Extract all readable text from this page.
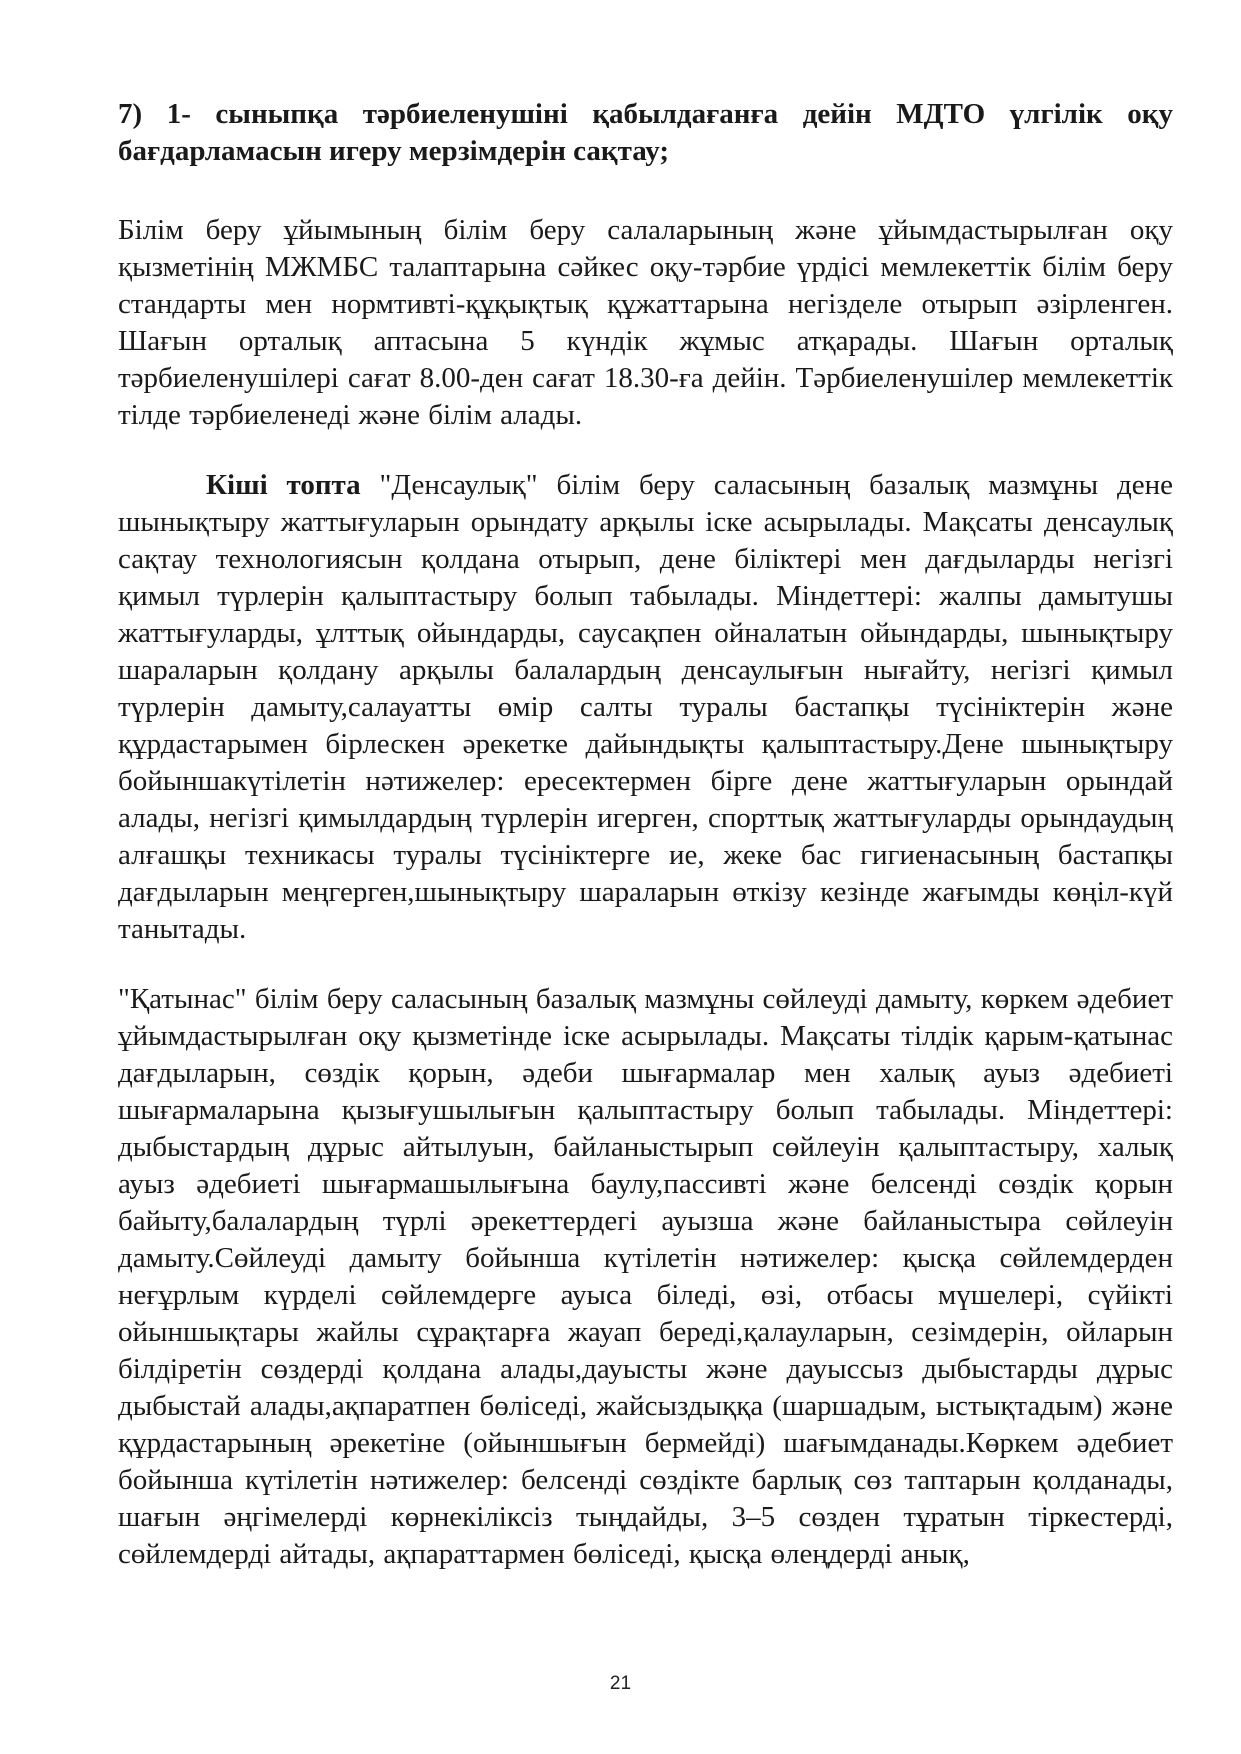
7) 1- сыныпқа тәрбиеленушіні қабылдағанға дейін МДТО үлгілік оқу бағдарламасын игеру мерзімдерін сақтау;

Білім беру ұйымының білім беру салаларының және ұйымдастырылған оқу қызметінің МЖМБС талаптарына сәйкес оқу-тәрбие үрдісі мемлекеттік білім беру стандарты мен нормтивті-құқықтық құжаттарына негізделе отырып әзірленген. Шағын орталық аптасына 5 күндік жұмыс атқарады. Шағын орталық тәрбиеленушілері сағат 8.00-ден сағат 18.30-ға дейін. Тәрбиеленушілер мемлекеттік тілде тәрбиеленеді және білім алады.

Кіші топта "Денсаулық" білім беру саласының базалық мазмұны дене шынықтыру жаттығуларын орындату арқылы іске асырылады. Мақсаты денсаулық сақтау технологиясын қолдана отырып, дене біліктері мен дағдыларды негізгі қимыл түрлерін қалыптастыру болып табылады. Міндеттері: жалпы дамытушы жаттығуларды, ұлттық ойындарды, саусақпен ойналатын ойындарды, шынықтыру шараларын қолдану арқылы балалардың денсаулығын нығайту, негізгі қимыл түрлерін дамыту,салауатты өмір салты туралы бастапқы түсініктерін және құрдастарымен бірлескен әрекетке дайындықты қалыптастыру.Дене шынықтыру бойыншакүтілетін нәтижелер: ересектермен бірге дене жаттығуларын орындай алады, негізгі қимылдардың түрлерін игерген, спорттық жаттығуларды орындаудың алғашқы техникасы туралы түсініктерге ие, жеке бас гигиенасының бастапқы дағдыларын меңгерген,шынықтыру шараларын өткізу кезінде жағымды көңіл-күй танытады.

"Қатынас" білім беру саласының базалық мазмұны сөйлеуді дамыту, көркем әдебиет ұйымдастырылған оқу қызметінде іске асырылады. Мақсаты тілдік қарым-қатынас дағдыларын, сөздік қорын, әдеби шығармалар мен халық ауыз әдебиеті шығармаларына қызығушылығын қалыптастыру болып табылады. Міндеттері: дыбыстардың дұрыс айтылуын, байланыстырып сөйлеуін қалыптастыру, халық ауыз әдебиеті шығармашылығына баулу,пассивті және белсенді сөздік қорын байыту,балалардың түрлі әрекеттердегі ауызша және байланыстыра сөйлеуін дамыту.Сөйлеуді дамыту бойынша күтілетін нәтижелер: қысқа сөйлемдерден неғұрлым күрделі сөйлемдерге ауыса біледі, өзі, отбасы мүшелері, сүйікті ойыншықтары жайлы сұрақтарға жауап береді,қалауларын, сезімдерін, ойларын білдіретін сөздерді қолдана алады,дауысты және дауыссыз дыбыстарды дұрыс дыбыстай алады,ақпаратпен бөліседі, жайсыздыққа (шаршадым, ыстықтадым) және құрдастарының әрекетіне (ойыншығын бермейді) шағымданады.Көркем әдебиет бойынша күтілетін нәтижелер: белсенді сөздікте барлық сөз таптарын қолданады, шағын әңгімелерді көрнекіліксіз тыңдайды, 3–5 сөзден тұратын тіркестерді, сөйлемдерді айтады, ақпараттармен бөліседі, қысқа өлеңдерді анық,

21
